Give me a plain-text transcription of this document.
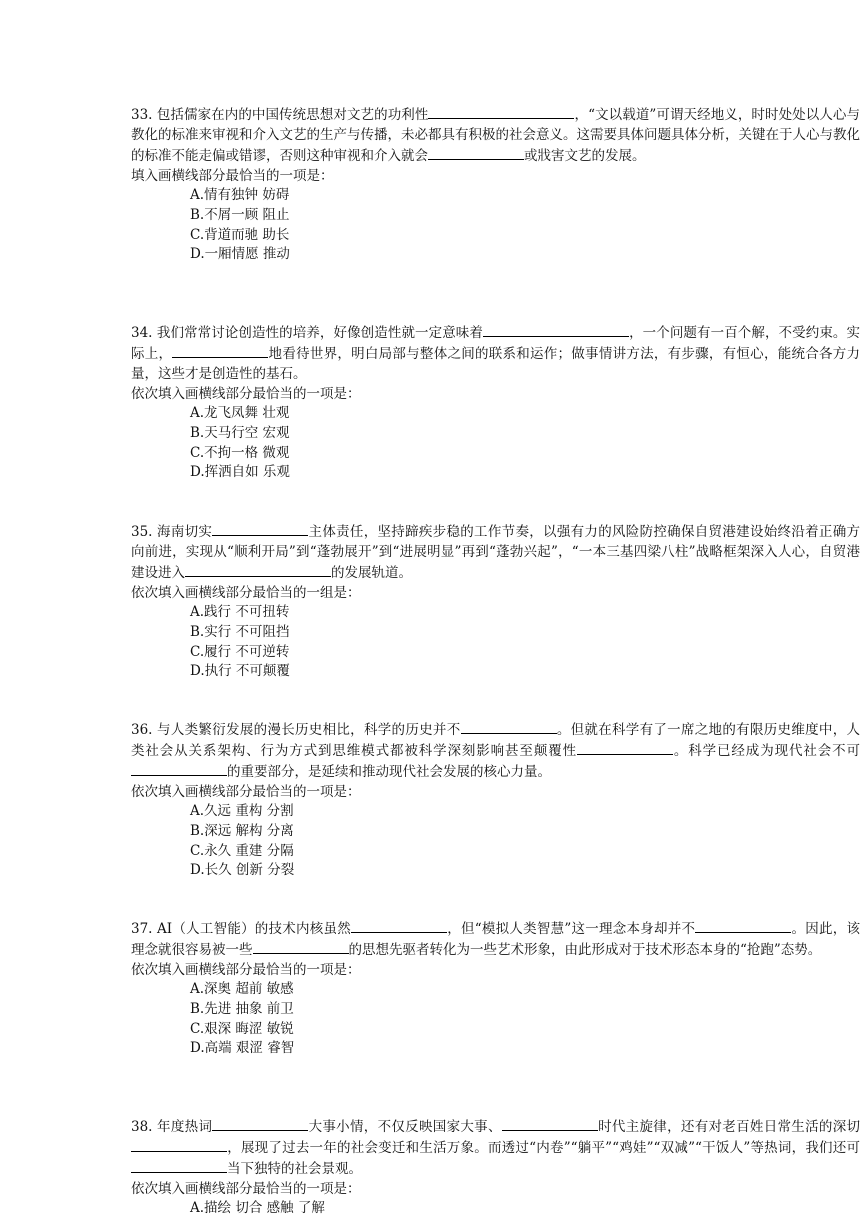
33. 包括儒家在内的中国传统思想对文艺的功利性	，“文以载道”可谓天经地义，时时处处以人心与教化的标准来审视和介入文艺的生产与传播，未必都具有积极的社会意义。这需要具体问题具体分析，关键在于人心与教化的标准不能走偏或错谬，否则这种审视和介入就会	或戕害文艺的发展。
填入画横线部分最恰当的一项是：
A.情有独钟 妨碍
B.不屑一顾 阻止
C.背道而驰 助长
D.一厢情愿 推动
34. 我们常常讨论创造性的培养，好像创造性就一定意味着	，一个问题有一百个解，不受约束。实际上，	地看待世界，明白局部与整体之间的联系和运作；做事情讲方法，有步骤，有恒心，能统合各方力量，这些才是创造性的基石。
依次填入画横线部分最恰当的一项是：
A.龙飞凤舞 壮观
B.天马行空 宏观
C.不拘一格 微观
D.挥洒自如 乐观
35. 海南切实	主体责任，坚持蹄疾步稳的工作节奏，以强有力的风险防控确保自贸港建设始终沿着正确方向前进，实现从“顺利开局”到“蓬勃展开”到“进展明显”再到“蓬勃兴起”，“一本三基四梁八柱”战略框架深入人心，自贸港建设进入	的发展轨道。
依次填入画横线部分最恰当的一组是：
A.践行 不可扭转
B.实行 不可阻挡
C.履行 不可逆转
D.执行 不可颠覆
36. 与人类繁衍发展的漫长历史相比，科学的历史并不	。但就在科学有了一席之地的有限历史维度中，人类社会从关系架构、行为方式到思维模式都被科学深刻影响甚至颠覆性	。科学已经成为现代社会不可的重要部分，是延续和推动现代社会发展的核心力量。
依次填入画横线部分最恰当的一项是：
A.久远 重构 分割
B.深远 解构 分离
C.永久 重建 分隔
D.长久 创新 分裂
37. AI（人工智能）的技术内核虽然	，但“模拟人类智慧”这一理念本身却并不	。因此，该理念就很容易被一些	的思想先驱者转化为一些艺术形象，由此形成对于技术形态本身的“抢跑”态势。
依次填入画横线部分最恰当的一项是：
A.深奥 超前 敏感
B.先进 抽象 前卫
C.艰深 晦涩 敏锐
D.高端 艰涩 睿智
38. 年度热词	大事小情，不仅反映国家大事、	时代主旋律，还有对老百姓日常生活的深切，展现了过去一年的社会变迁和生活万象。而透过“内卷”“躺平”“鸡娃”“双减”“干饭人”等热词，我们还可当下独特的社会景观。
依次填入画横线部分最恰当的一项是：
A.描绘 切合 感触 了解
